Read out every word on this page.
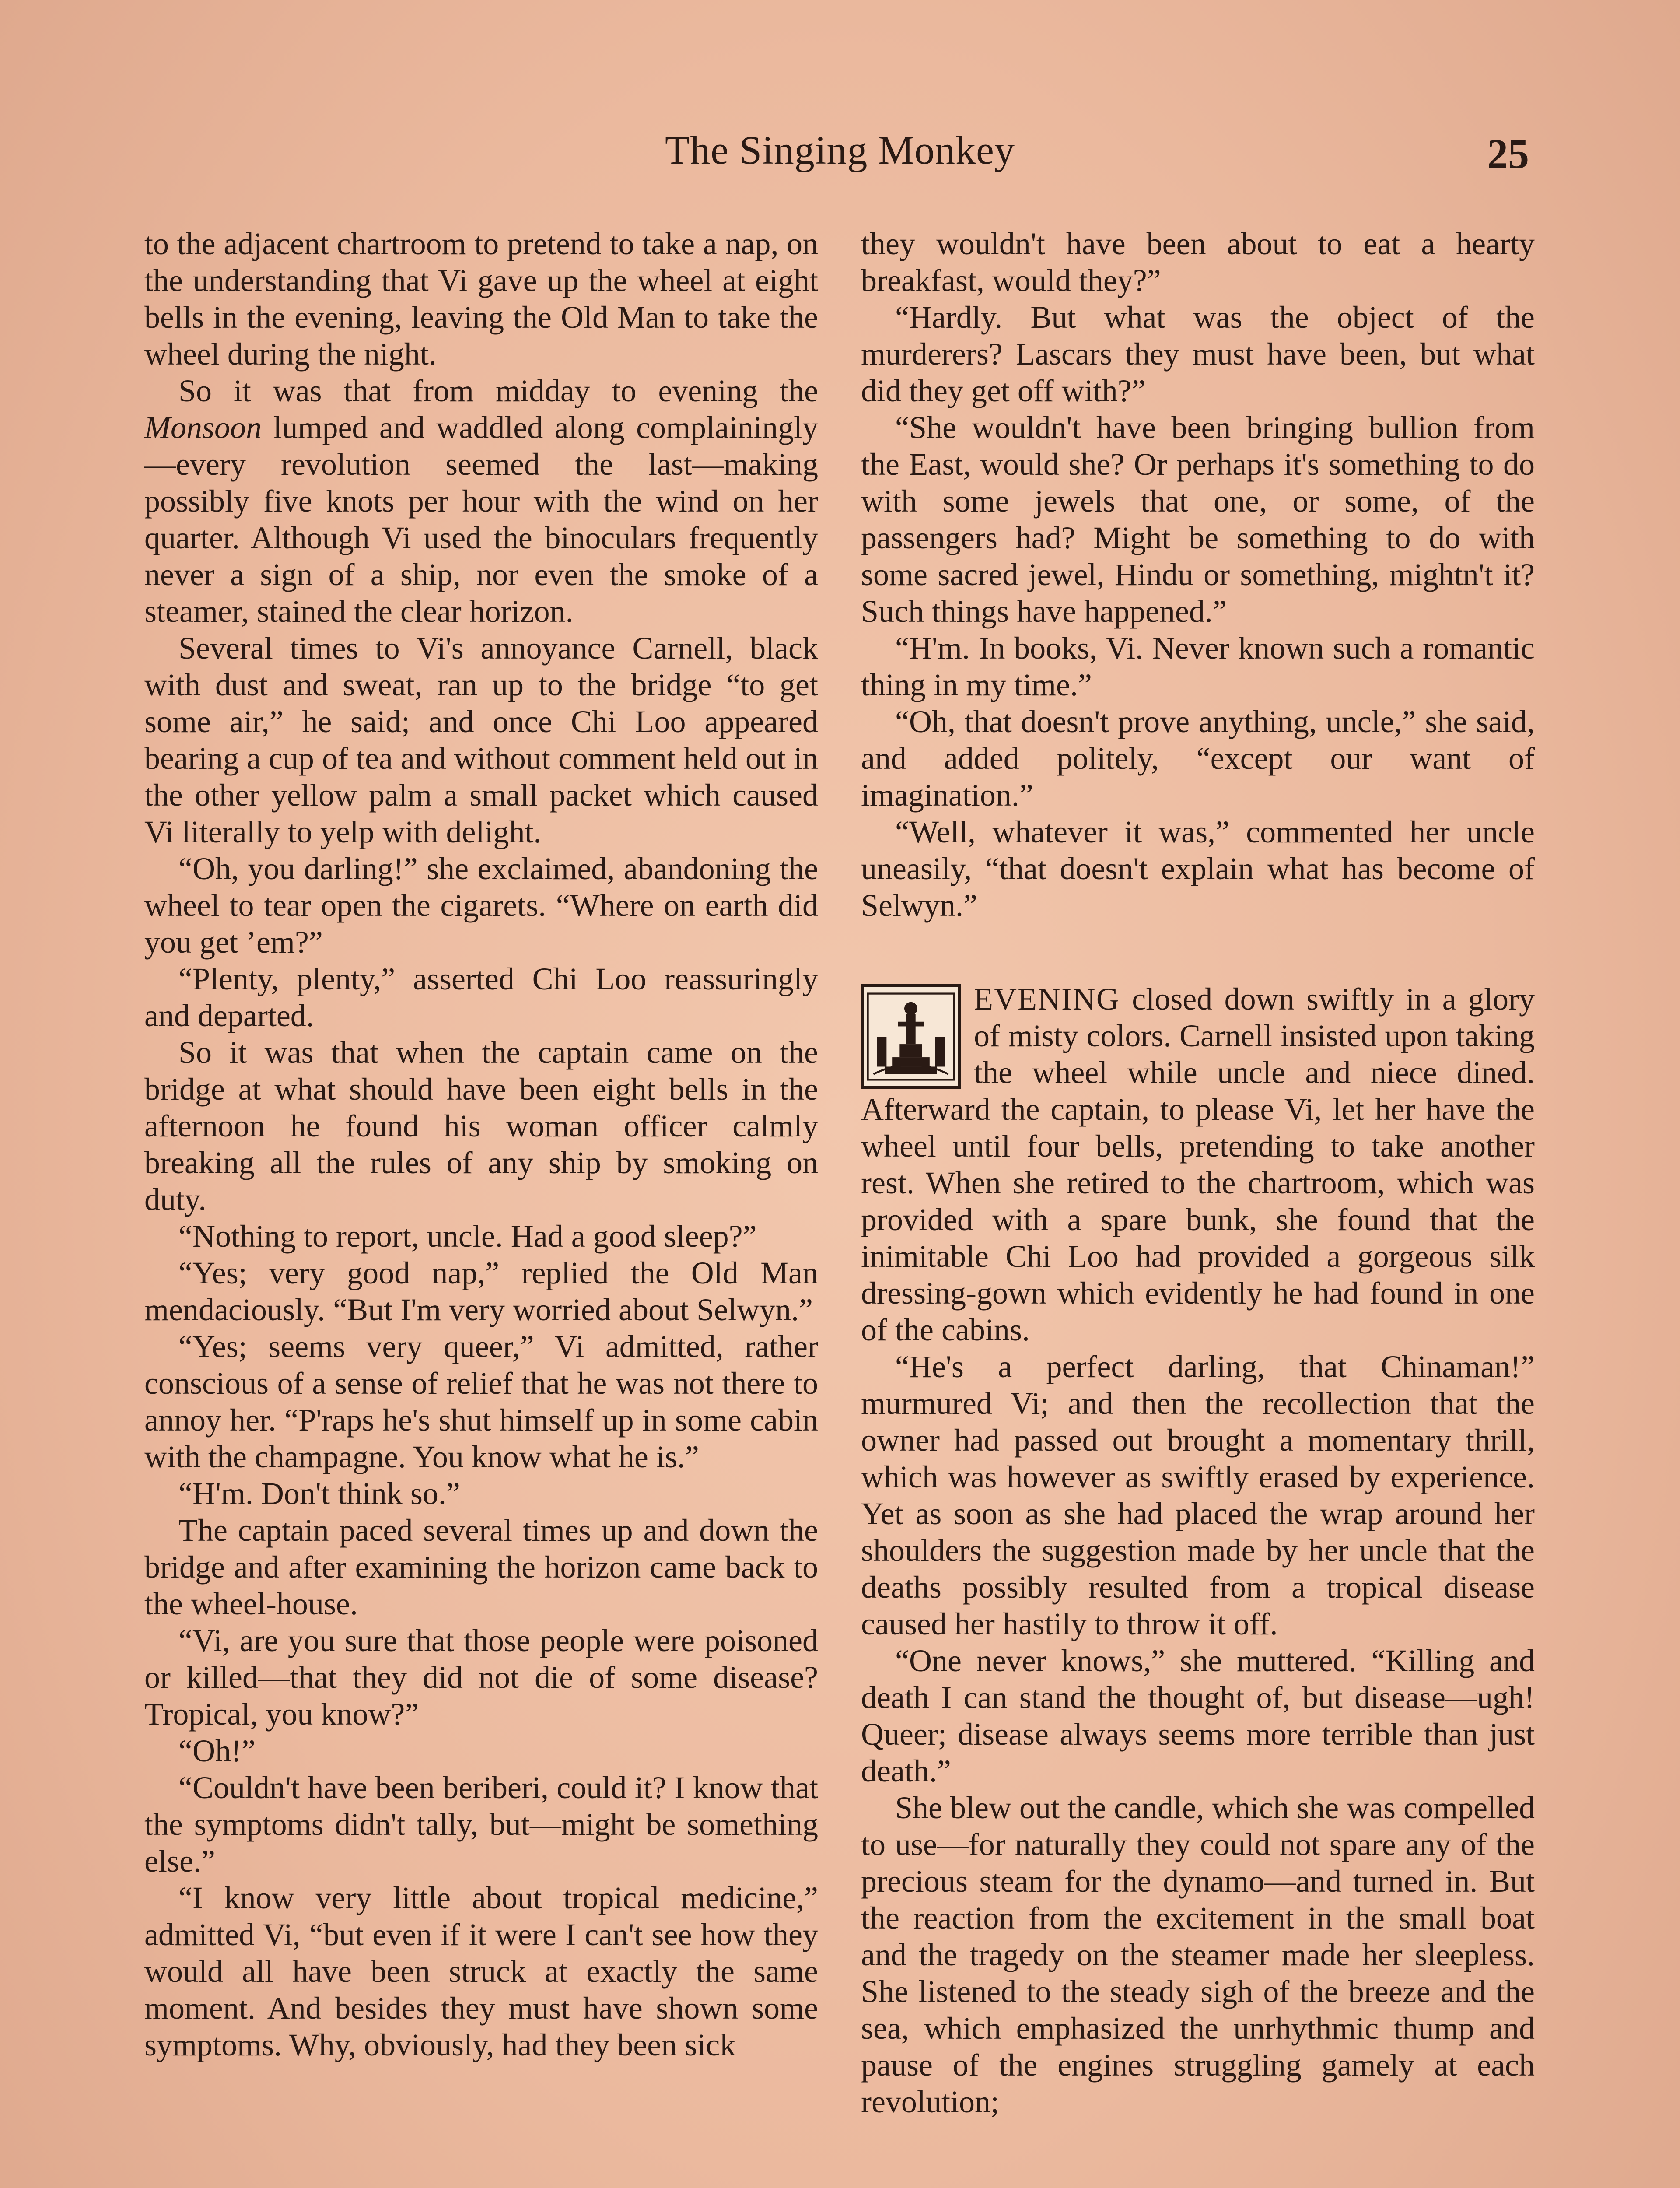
The Singing Monkey	25

to the adjacent chartroom to pretend to take a nap, on the understanding that Vi gave up the wheel at eight bells in the evening, leaving the Old Man to take the wheel during the night.

So it was that from midday to evening the Monsoon lumped and waddled along complainingly—every revolution seemed the last—making possibly five knots per hour with the wind on her quarter. Although Vi used the binoculars frequently never a sign of a ship, nor even the smoke of a steamer, stained the clear horizon.

Several times to Vi's annoyance Carnell, black with dust and sweat, ran up to the bridge “to get some air,” he said; and once Chi Loo appeared bearing a cup of tea and without comment held out in the other yellow palm a small packet which caused Vi literally to yelp with delight.

“Oh, you darling!” she exclaimed, abandoning the wheel to tear open the cigarets. “Where on earth did you get ’em?”

“Plenty, plenty,” asserted Chi Loo reassuringly and departed.

So it was that when the captain came on the bridge at what should have been eight bells in the afternoon he found his woman officer calmly breaking all the rules of any ship by smoking on duty.

“Nothing to report, uncle. Had a good sleep?”

“Yes; very good nap,” replied the Old Man mendaciously. “But I'm very worried about Selwyn.”

“Yes; seems very queer,” Vi admitted, rather conscious of a sense of relief that he was not there to annoy her. “P'raps he's shut himself up in some cabin with the champagne. You know what he is.”

“H'm. Don't think so.”

The captain paced several times up and down the bridge and after examining the horizon came back to the wheel-house.

“Vi, are you sure that those people were poisoned or killed—that they did not die of some disease? Tropical, you know?”

“Oh!”

“Couldn't have been beriberi, could it? I know that the symptoms didn't tally, but—might be something else.”

“I know very little about tropical medicine,” admitted Vi, “but even if it were I can't see how they would all have been struck at exactly the same moment. And besides they must have shown some symptoms. Why, obviously, had they been sick

they wouldn't have been about to eat a hearty breakfast, would they?”

“Hardly. But what was the object of the murderers? Lascars they must have been, but what did they get off with?”

“She wouldn't have been bringing bullion from the East, would she? Or perhaps it's something to do with some jewels that one, or some, of the passengers had? Might be something to do with some sacred jewel, Hindu or something, mightn't it? Such things have happened.”

“H'm. In books, Vi. Never known such a romantic thing in my time.”

“Oh, that doesn't prove anything, uncle,” she said, and added politely, “except our want of imagination.”

“Well, whatever it was,” commented her uncle uneasily, “that doesn't explain what has become of Selwyn.”

EVENING closed down swiftly in a glory of misty colors. Carnell insisted upon taking the wheel while uncle and niece dined. Afterward the captain, to please Vi, let her have the wheel until four bells, pretending to take another rest. When she retired to the chartroom, which was provided with a spare bunk, she found that the inimitable Chi Loo had provided a gorgeous silk dressing-gown which evidently he had found in one of the cabins.

“He's a perfect darling, that Chinaman!” murmured Vi; and then the recollection that the owner had passed out brought a momentary thrill, which was however as swiftly erased by experience. Yet as soon as she had placed the wrap around her shoulders the suggestion made by her uncle that the deaths possibly resulted from a tropical disease caused her hastily to throw it off.

“One never knows,” she muttered. “Killing and death I can stand the thought of, but disease—ugh! Queer; disease always seems more terrible than just death.”

She blew out the candle, which she was compelled to use—for naturally they could not spare any of the precious steam for the dynamo—and turned in. But the reaction from the excitement in the small boat and the tragedy on the steamer made her sleepless. She listened to the steady sigh of the breeze and the sea, which emphasized the unrhythmic thump and pause of the engines struggling gamely at each revolution;
